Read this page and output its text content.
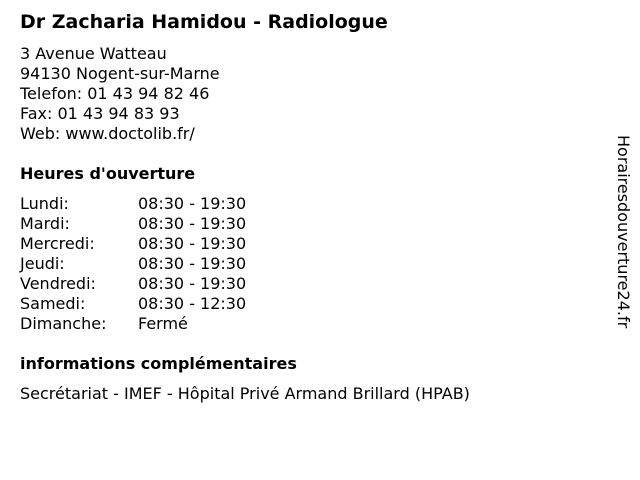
Dr Zacharia Hamidou - Radiologue
3 Avenue Watteau
94130 Nogent-sur-Marne
Telefon: 01 43 94 82 46
Fax: 01 43 94 83 93
Web: www.doctolib.fr/
Heures d'ouverture
Lundi:	08:30 - 19:30
Mardi:	08:30 - 19:30
Mercredi:	08:30 - 19:30
Jeudi:	08:30 - 19:30
Vendredi:	08:30 - 19:30
Samedi:	08:30 - 12:30
Dimanche:	Fermé
informations complémentaires
Secrétariat - IMEF - Hôpital Privé Armand Brillard (HPAB)
Horairesdouverture24.fr
